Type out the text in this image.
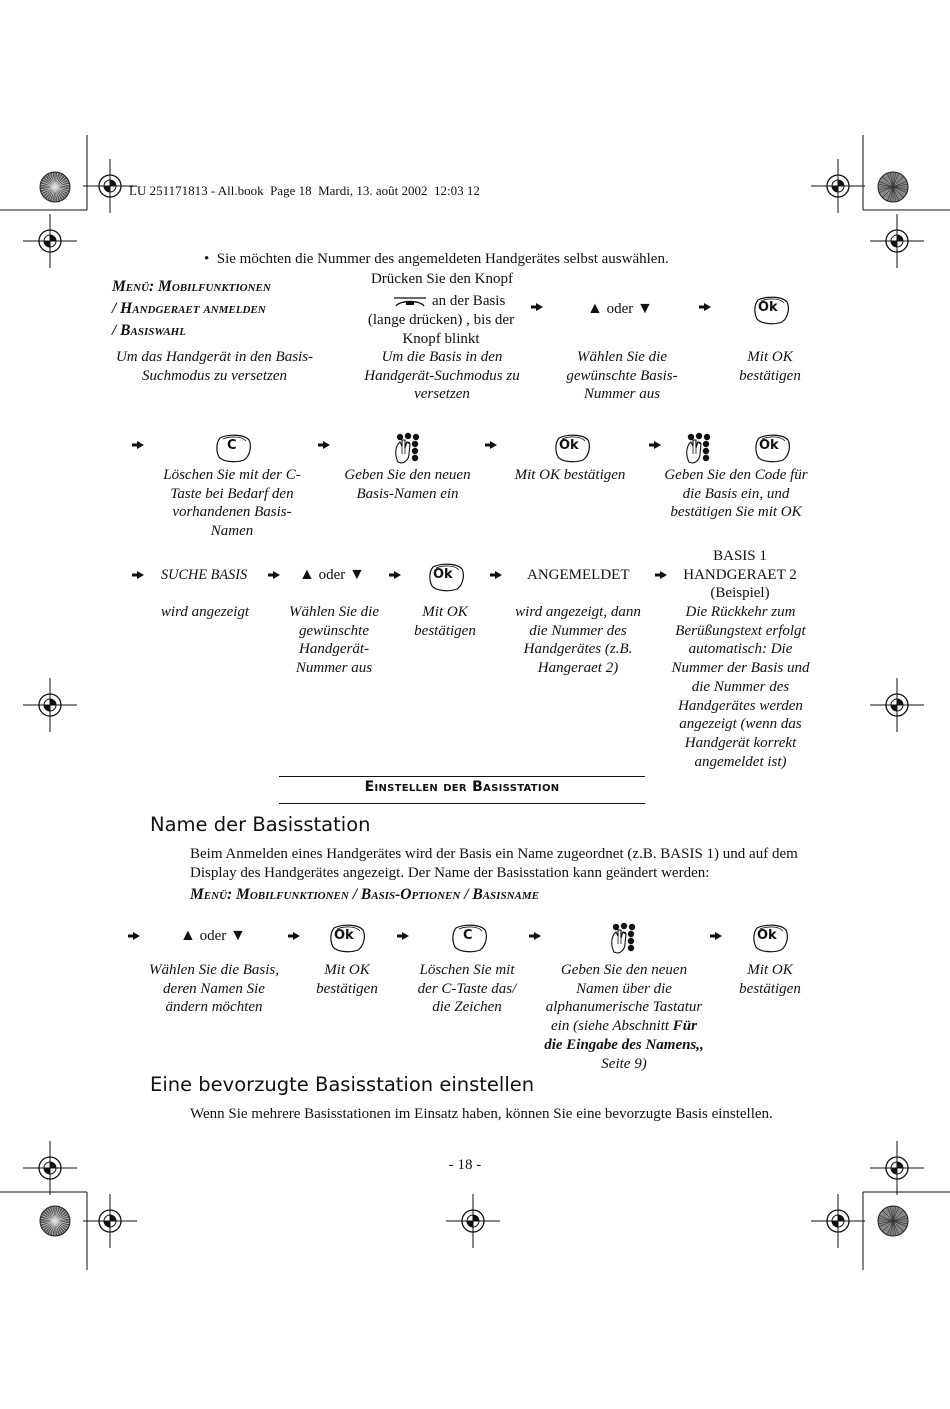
LU 251171813 - All.book  Page 18  Mardi, 13. août 2002  12:03 12
• Sie möchten die Nummer des angemeldeten Handgerätes selbst auswählen.
Menü: Mobilfunktionen
/ Handgeraet anmelden
/ Basiswahl
Um das Handgerät in den Basis-Suchmodus zu versetzen
Drücken Sie den Knopf
an der Basis
(lange drücken) , bis der Knopf blinkt
Um die Basis in den Handgerät-Suchmodus zu versetzen
▲ oder ▼
Wählen Sie die gewünschte Basis-Nummer aus
Ok
Mit OK bestätigen
C
Löschen Sie mit der C-Taste bei Bedarf den vorhandenen Basis-Namen
Geben Sie den neuen Basis-Namen ein
Ok
Mit OK bestätigen
Ok
Geben Sie den Code für die Basis ein, und bestätigen Sie mit OK
SUCHE BASIS
wird angezeigt
▲ oder ▼
Wählen Sie die gewünschte Handgerät-Nummer aus
Ok
Mit OK bestätigen
ANGEMELDET
wird angezeigt, dann die Nummer des Handgerätes (z.B. Hangeraet 2)
BASIS 1
HANDGERAET 2
(Beispiel)
Die Rückkehr zum Berüßungstext erfolgt automatisch: Die Nummer der Basis und die Nummer des Handgerätes werden angezeigt (wenn das Handgerät korrekt angemeldet ist)
Einstellen der Basisstation
Name der Basisstation
Beim Anmelden eines Handgerätes wird der Basis ein Name zugeordnet (z.B. BASIS 1) und auf dem Display des Handgerätes angezeigt. Der Name der Basisstation kann geändert werden:
Menü: Mobilfunktionen / Basis-Optionen / Basisname
▲ oder ▼
Wählen Sie die Basis, deren Namen Sie ändern möchten
Ok
Mit OK bestätigen
C
Löschen Sie mit der C-Taste das/ die Zeichen
Geben Sie den neuen Namen über die alphanumerische Tastatur ein (siehe Abschnitt Für die Eingabe des Namens,, Seite 9)
Ok
Mit OK bestätigen
Eine bevorzugte Basisstation einstellen
Wenn Sie mehrere Basisstationen im Einsatz haben, können Sie eine bevorzugte Basis einstellen.
- 18 -
